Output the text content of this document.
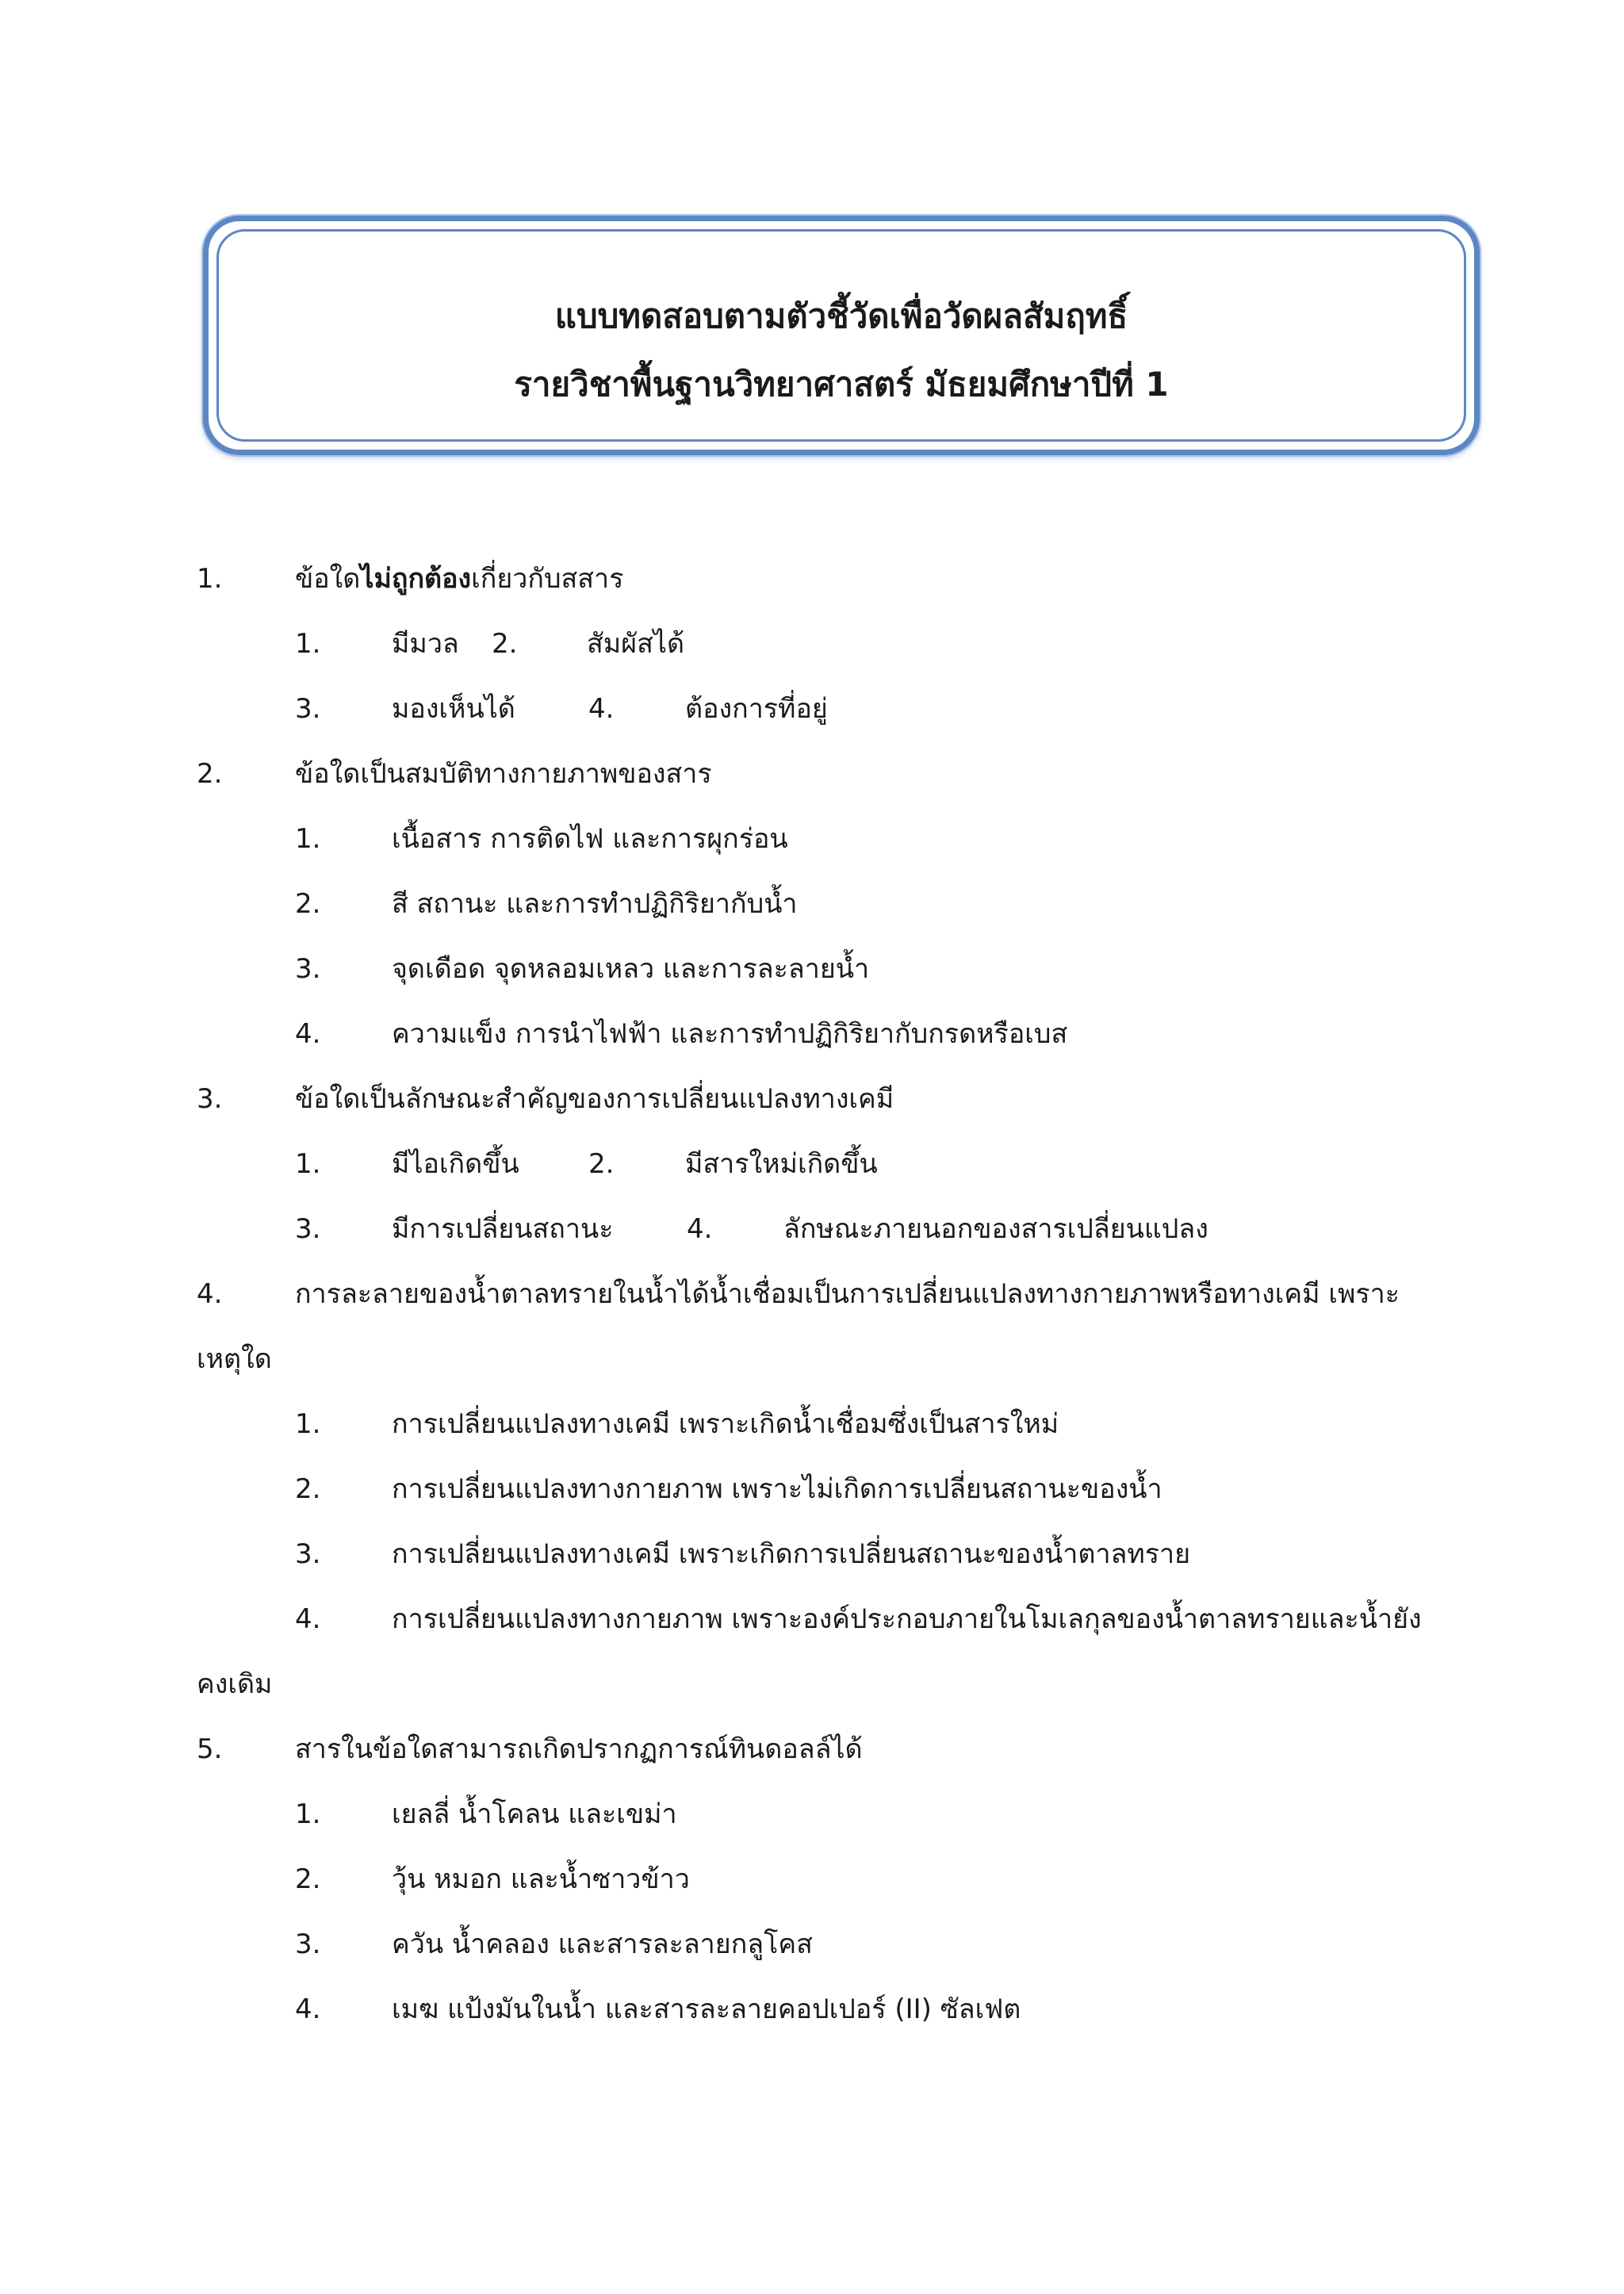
แบบทดสอบตามตัวชี้วัดเพื่อวัดผลสัมฤทธิ์
รายวิชาพื้นฐานวิทยาศาสตร์ มัธยมศึกษาปีที่ 1
1.	ข้อใดไม่ถูกต้องเกี่ยวกับสสาร
1.	มีมวล 2.	สัมผัสได้
3.	มองเห็นได้	4.	ต้องการที่อยู่
2.	ข้อใดเป็นสมบัติทางกายภาพของสาร
1.	เนื้อสาร การติดไฟ และการผุกร่อน
2.	สี สถานะ และการทำปฏิกิริยากับน้ำ
3.	จุดเดือด จุดหลอมเหลว และการละลายน้ำ
4.	ความแข็ง การนำไฟฟ้า และการทำปฏิกิริยากับกรดหรือเบส
3.	ข้อใดเป็นลักษณะสำคัญของการเปลี่ยนแปลงทางเคมี
1.	มีไอเกิดขึ้น	2.	มีสารใหม่เกิดขึ้น
3.	มีการเปลี่ยนสถานะ	4.	ลักษณะภายนอกของสารเปลี่ยนแปลง
4.	การละลายของน้ำตาลทรายในน้ำได้น้ำเชื่อมเป็นการเปลี่ยนแปลงทางกายภาพหรือทางเคมี เพราะ
เหตุใด
1.	การเปลี่ยนแปลงทางเคมี เพราะเกิดน้ำเชื่อมซึ่งเป็นสารใหม่
2.	การเปลี่ยนแปลงทางกายภาพ เพราะไม่เกิดการเปลี่ยนสถานะของน้ำ
3.	การเปลี่ยนแปลงทางเคมี เพราะเกิดการเปลี่ยนสถานะของน้ำตาลทราย
4.	การเปลี่ยนแปลงทางกายภาพ เพราะองค์ประกอบภายในโมเลกุลของน้ำตาลทรายและน้ำยัง
คงเดิม
5.	สารในข้อใดสามารถเกิดปรากฏการณ์ทินดอลล์ได้
1.	เยลลี่ น้ำโคลน และเขม่า
2.	วุ้น หมอก และน้ำซาวข้าว
3.	ควัน น้ำคลอง และสารละลายกลูโคส
4.	เมฆ แป้งมันในน้ำ และสารละลายคอปเปอร์ (II) ซัลเฟต
